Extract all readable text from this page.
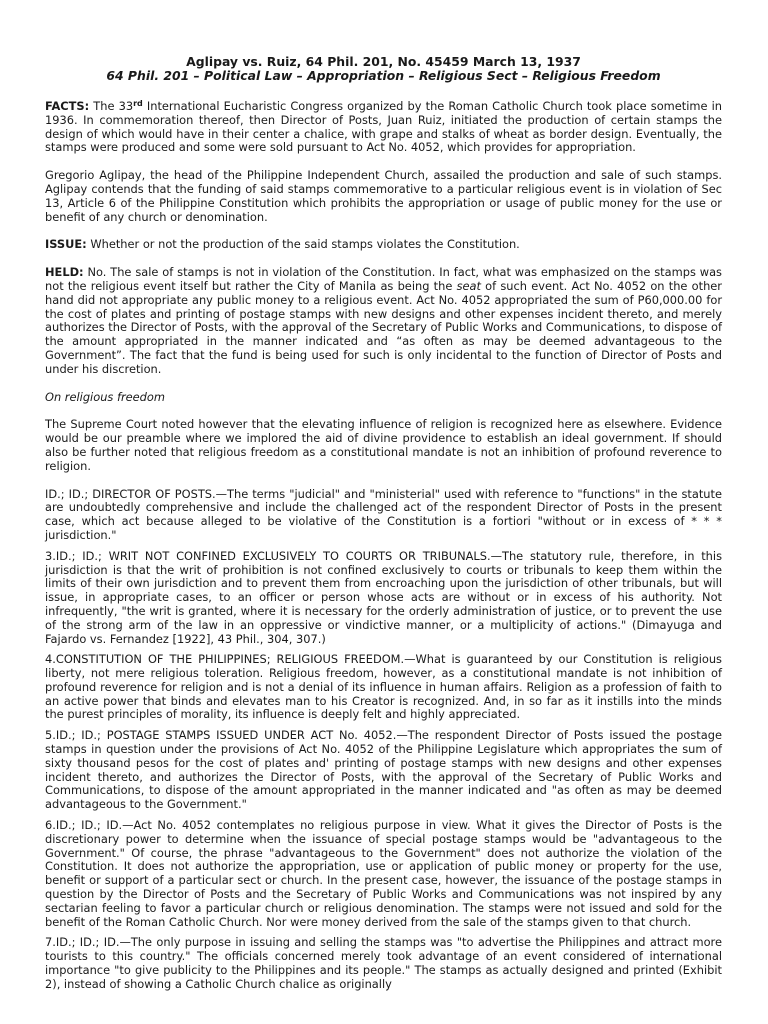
Aglipay vs. Ruiz, 64 Phil. 201, No. 45459 March 13, 1937
64 Phil. 201 – Political Law – Appropriation – Religious Sect – Religious Freedom

FACTS: The 33rd International Eucharistic Congress organized by the Roman Catholic Church took place sometime in 1936. In commemoration thereof, then Director of Posts, Juan Ruiz, initiated the production of certain stamps the design of which would have in their center a chalice, with grape and stalks of wheat as border design. Eventually, the stamps were produced and some were sold pursuant to Act No. 4052, which provides for appropriation.

Gregorio Aglipay, the head of the Philippine Independent Church, assailed the production and sale of such stamps. Aglipay contends that the funding of said stamps commemorative to a particular religious event is in violation of Sec 13, Article 6 of the Philippine Constitution which prohibits the appropriation or usage of public money for the use or benefit of any church or denomination.

ISSUE: Whether or not the production of the said stamps violates the Constitution.

HELD: No. The sale of stamps is not in violation of the Constitution. In fact, what was emphasized on the stamps was not the religious event itself but rather the City of Manila as being the seat of such event. Act No. 4052 on the other hand did not appropriate any public money to a religious event. Act No. 4052 appropriated the sum of P60,000.00 for the cost of plates and printing of postage stamps with new designs and other expenses incident thereto, and merely authorizes the Director of Posts, with the approval of the Secretary of Public Works and Communications, to dispose of the amount appropriated in the manner indicated and “as often as may be deemed advantageous to the Government”. The fact that the fund is being used for such is only incidental to the function of Director of Posts and under his discretion.

On religious freedom

The Supreme Court noted however that the elevating influence of religion is recognized here as elsewhere. Evidence would be our preamble where we implored the aid of divine providence to establish an ideal government. If should also be further noted that religious freedom as a constitutional mandate is not an inhibition of profound reverence to religion.

ID.; ID.; DIRECTOR OF POSTS.—The terms "judicial" and "ministerial" used with reference to "functions" in the statute are undoubtedly comprehensive and include the challenged act of the respondent Director of Posts in the present case, which act because alleged to be violative of the Constitution is a fortiori "without or in excess of * * * jurisdiction."

3.ID.; ID.; WRIT NOT CONFINED EXCLUSIVELY TO COURTS OR TRIBUNALS.—The statutory rule, therefore, in this jurisdiction is that the writ of prohibition is not confined exclusively to courts or tribunals to keep them within the limits of their own jurisdiction and to prevent them from encroaching upon the jurisdiction of other tribunals, but will issue, in appropriate cases, to an officer or person whose acts are without or in excess of his authority. Not infrequently, "the writ is granted, where it is necessary for the orderly administration of justice, or to prevent the use of the strong arm of the law in an oppressive or vindictive manner, or a multiplicity of actions." (Dimayuga and Fajardo vs. Fernandez [1922], 43 Phil., 304, 307.)

4.CONSTITUTION OF THE PHILIPPINES; RELIGIOUS FREEDOM.—What is guaranteed by our Constitution is religious liberty, not mere religious toleration. Religious freedom, however, as a constitutional mandate is not inhibition of profound reverence for religion and is not a denial of its influence in human affairs. Religion as a profession of faith to an active power that binds and elevates man to his Creator is recognized. And, in so far as it instills into the minds the purest principles of morality, its influence is deeply felt and highly appreciated.

5.ID.; ID.; POSTAGE STAMPS ISSUED UNDER ACT No. 4052.—The respondent Director of Posts issued the postage stamps in question under the provisions of Act No. 4052 of the Philippine Legislature which appropriates the sum of sixty thousand pesos for the cost of plates and' printing of postage stamps with new designs and other expenses incident thereto, and authorizes the Director of Posts, with the approval of the Secretary of Public Works and Communications, to dispose of the amount appropriated in the manner indicated and "as often as may be deemed advantageous to the Government."

6.ID.; ID.; ID.—Act No. 4052 contemplates no religious purpose in view. What it gives the Director of Posts is the discretionary power to determine when the issuance of special postage stamps would be "advantageous to the Government." Of course, the phrase "advantageous to the Government" does not authorize the violation of the Constitution. It does not authorize the appropriation, use or application of public money or property for the use, benefit or support of a particular sect or church. In the present case, however, the issuance of the postage stamps in question by the Director of Posts and the Secretary of Public Works and Communications was not inspired by any sectarian feeling to favor a particular church or religious denomination. The stamps were not issued and sold for the benefit of the Roman Catholic Church. Nor were money derived from the sale of the stamps given to that church.

7.ID.; ID.; ID.—The only purpose in issuing and selling the stamps was "to advertise the Philippines and attract more tourists to this country." The officials concerned merely took advantage of an event considered of international importance "to give publicity to the Philippines and its people." The stamps as actually designed and printed (Exhibit 2), instead of showing a Catholic Church chalice as originally
